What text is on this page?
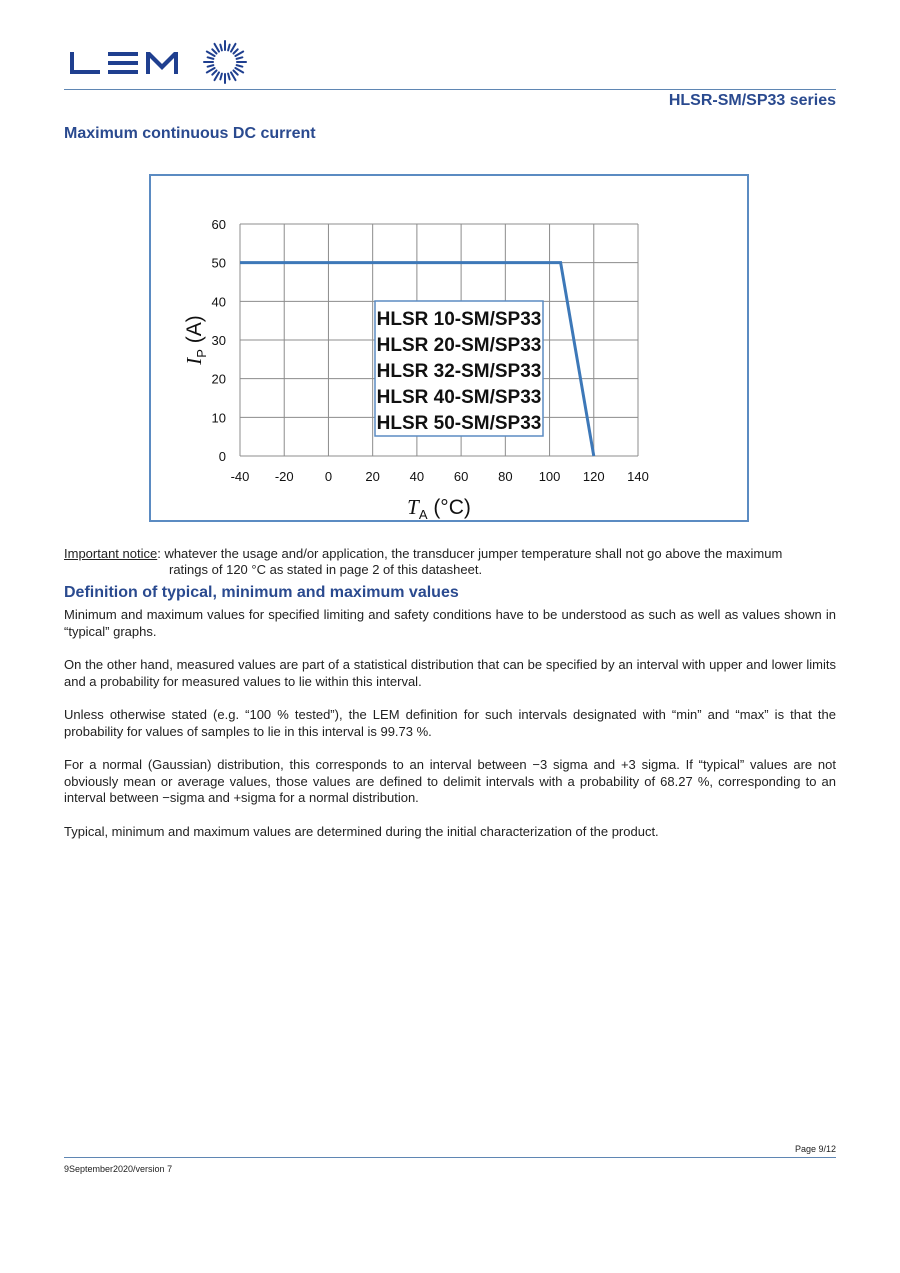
HLSR-SM/SP33 series
Maximum continuous DC current
-40 -20 0	20 40 60 80 100 120 140
0
10
20
30
40
50
60
HLSR 10-SM/SP33
HLSR 20-SM/SP33
HLSR 32-SM/SP33
HLSR 40-SM/SP33
HLSR 50-SM/SP33
$T_A$ (°C)
$I_P$ (A)
Important notice: whatever the usage and/or application, the transducer jumper temperature shall not go above the maximum
ratings of 120 °C as stated in page 2 of this datasheet.
Definition of typical, minimum and maximum values

Minimum and maximum values for specified limiting and safety conditions have to be understood as such as well as values shown in “typical” graphs.

On the other hand, measured values are part of a statistical distribution that can be specified by an interval with upper and lower limits and a probability for measured values to lie within this interval.

Unless otherwise stated (e.g. “100 % tested”), the LEM definition for such intervals designated with “min” and “max” is that the probability for values of samples to lie in this interval is 99.73 %.

For a normal (Gaussian) distribution, this corresponds to an interval between −3 sigma and +3 sigma. If “typical” values are not obviously mean or average values, those values are defined to delimit intervals with a probability of 68.27 %, corresponding to an interval between −sigma and +sigma for a normal distribution.

Typical, minimum and maximum values are determined during the initial characterization of the product.

Page 9/12
9September2020/version 7
